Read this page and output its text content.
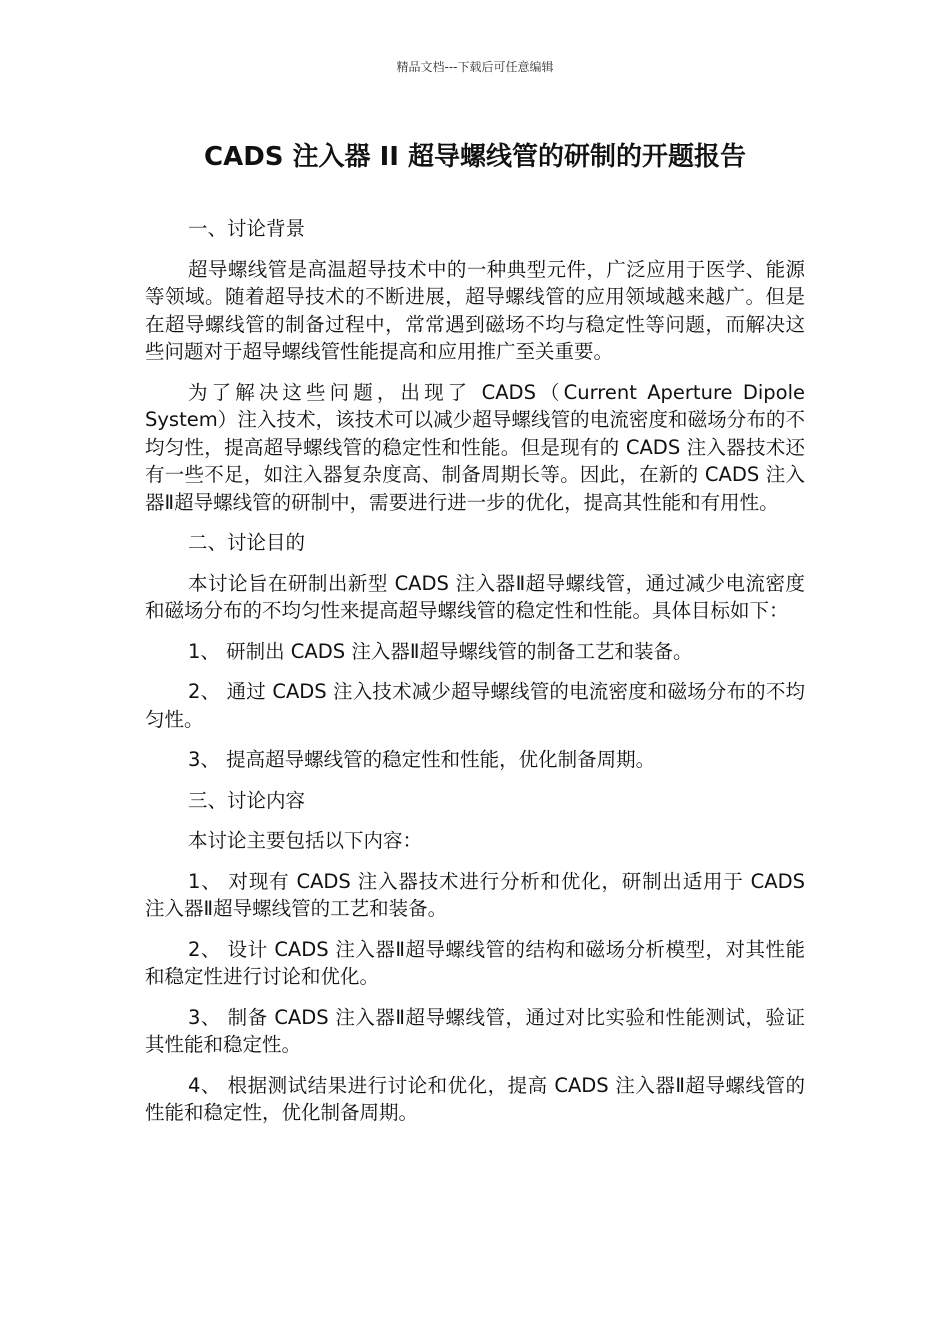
精品文档---下载后可任意编辑
CADS 注入器 II 超导螺线管的研制的开题报告

一、讨论背景

超导螺线管是高温超导技术中的一种典型元件，广泛应用于医学、能源等领域。随着超导技术的不断进展，超导螺线管的应用领域越来越广。但是在超导螺线管的制备过程中，常常遇到磁场不均与稳定性等问题，而解决这些问题对于超导螺线管性能提高和应用推广至关重要。

为了解决这些问题，出现了 CADS（Current Aperture Dipole System）注入技术，该技术可以减少超导螺线管的电流密度和磁场分布的不均匀性，提高超导螺线管的稳定性和性能。但是现有的 CADS 注入器技术还有一些不足，如注入器复杂度高、制备周期长等。因此，在新的 CADS 注入器Ⅱ超导螺线管的研制中，需要进行进一步的优化，提高其性能和有用性。

二、讨论目的

本讨论旨在研制出新型 CADS 注入器Ⅱ超导螺线管，通过减少电流密度和磁场分布的不均匀性来提高超导螺线管的稳定性和性能。具体目标如下：

1、 研制出 CADS 注入器Ⅱ超导螺线管的制备工艺和装备。

2、 通过 CADS 注入技术减少超导螺线管的电流密度和磁场分布的不均匀性。

3、 提高超导螺线管的稳定性和性能，优化制备周期。

三、讨论内容

本讨论主要包括以下内容：

1、 对现有 CADS 注入器技术进行分析和优化，研制出适用于 CADS 注入器Ⅱ超导螺线管的工艺和装备。

2、 设计 CADS 注入器Ⅱ超导螺线管的结构和磁场分析模型，对其性能和稳定性进行讨论和优化。

3、 制备 CADS 注入器Ⅱ超导螺线管，通过对比实验和性能测试，验证其性能和稳定性。

4、 根据测试结果进行讨论和优化，提高 CADS 注入器Ⅱ超导螺线管的性能和稳定性，优化制备周期。
